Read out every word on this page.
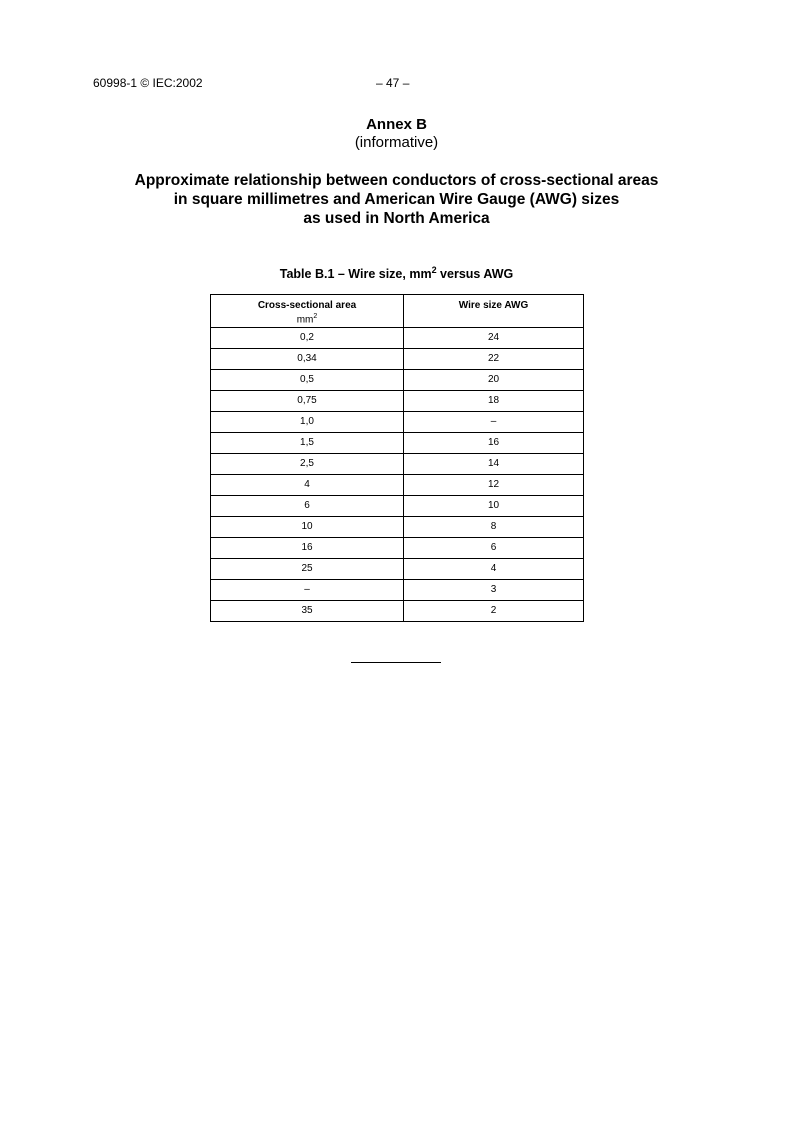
60998-1 © IEC:2002	– 47 –
Annex B
(informative)
Approximate relationship between conductors of cross-sectional areas
in square millimetres and American Wire Gauge (AWG) sizes
as used in North America
Table B.1 – Wire size, $mm^2$ versus AWG
Cross-sectional area
$mm^2$	Wire size AWG
0,2	24
0,34	22
0,5	20
0,75	18
1,0	–
1,5	16
2,5	14
4	12
6	10
10	8
16	6
25	4
–	3
35	2
